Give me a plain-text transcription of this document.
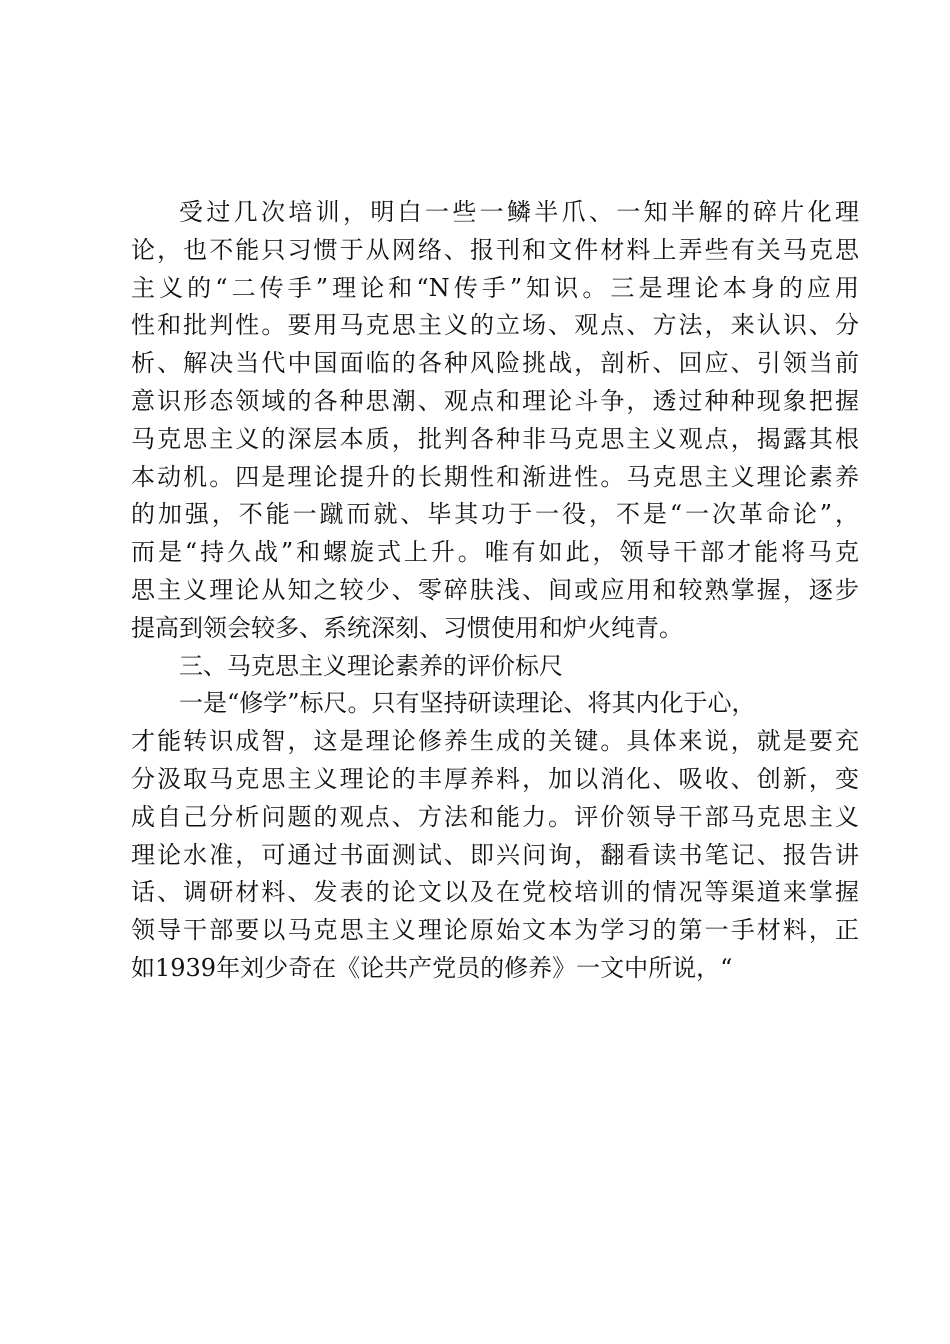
受过几次培训，明白一些一鳞半爪、一知半解的碎片化理
论，也不能只习惯于从网络、报刊和文件材料上弄些有关马克思
主义的“二传手”理论和“N传手”知识。三是理论本身的应用
性和批判性。要用马克思主义的立场、观点、方法，来认识、分
析、解决当代中国面临的各种风险挑战，剖析、回应、引领当前
意识形态领域的各种思潮、观点和理论斗争，透过种种现象把握
马克思主义的深层本质，批判各种非马克思主义观点，揭露其根
本动机。四是理论提升的长期性和渐进性。马克思主义理论素养
的加强，不能一蹴而就、毕其功于一役，不是“一次革命论”，
而是“持久战”和螺旋式上升。唯有如此，领导干部才能将马克
思主义理论从知之较少、零碎肤浅、间或应用和较熟掌握，逐步
提高到领会较多、系统深刻、习惯使用和炉火纯青。
三、马克思主义理论素养的评价标尺
一是“修学”标尺。只有坚持研读理论、将其内化于心，
才能转识成智，这是理论修养生成的关键。具体来说，就是要充
分汲取马克思主义理论的丰厚养料，加以消化、吸收、创新，变
成自己分析问题的观点、方法和能力。评价领导干部马克思主义
理论水准，可通过书面测试、即兴问询，翻看读书笔记、报告讲
话、调研材料、发表的论文以及在党校培训的情况等渠道来掌握
领导干部要以马克思主义理论原始文本为学习的第一手材料，正
如1939年刘少奇在《论共产党员的修养》一文中所说，“
